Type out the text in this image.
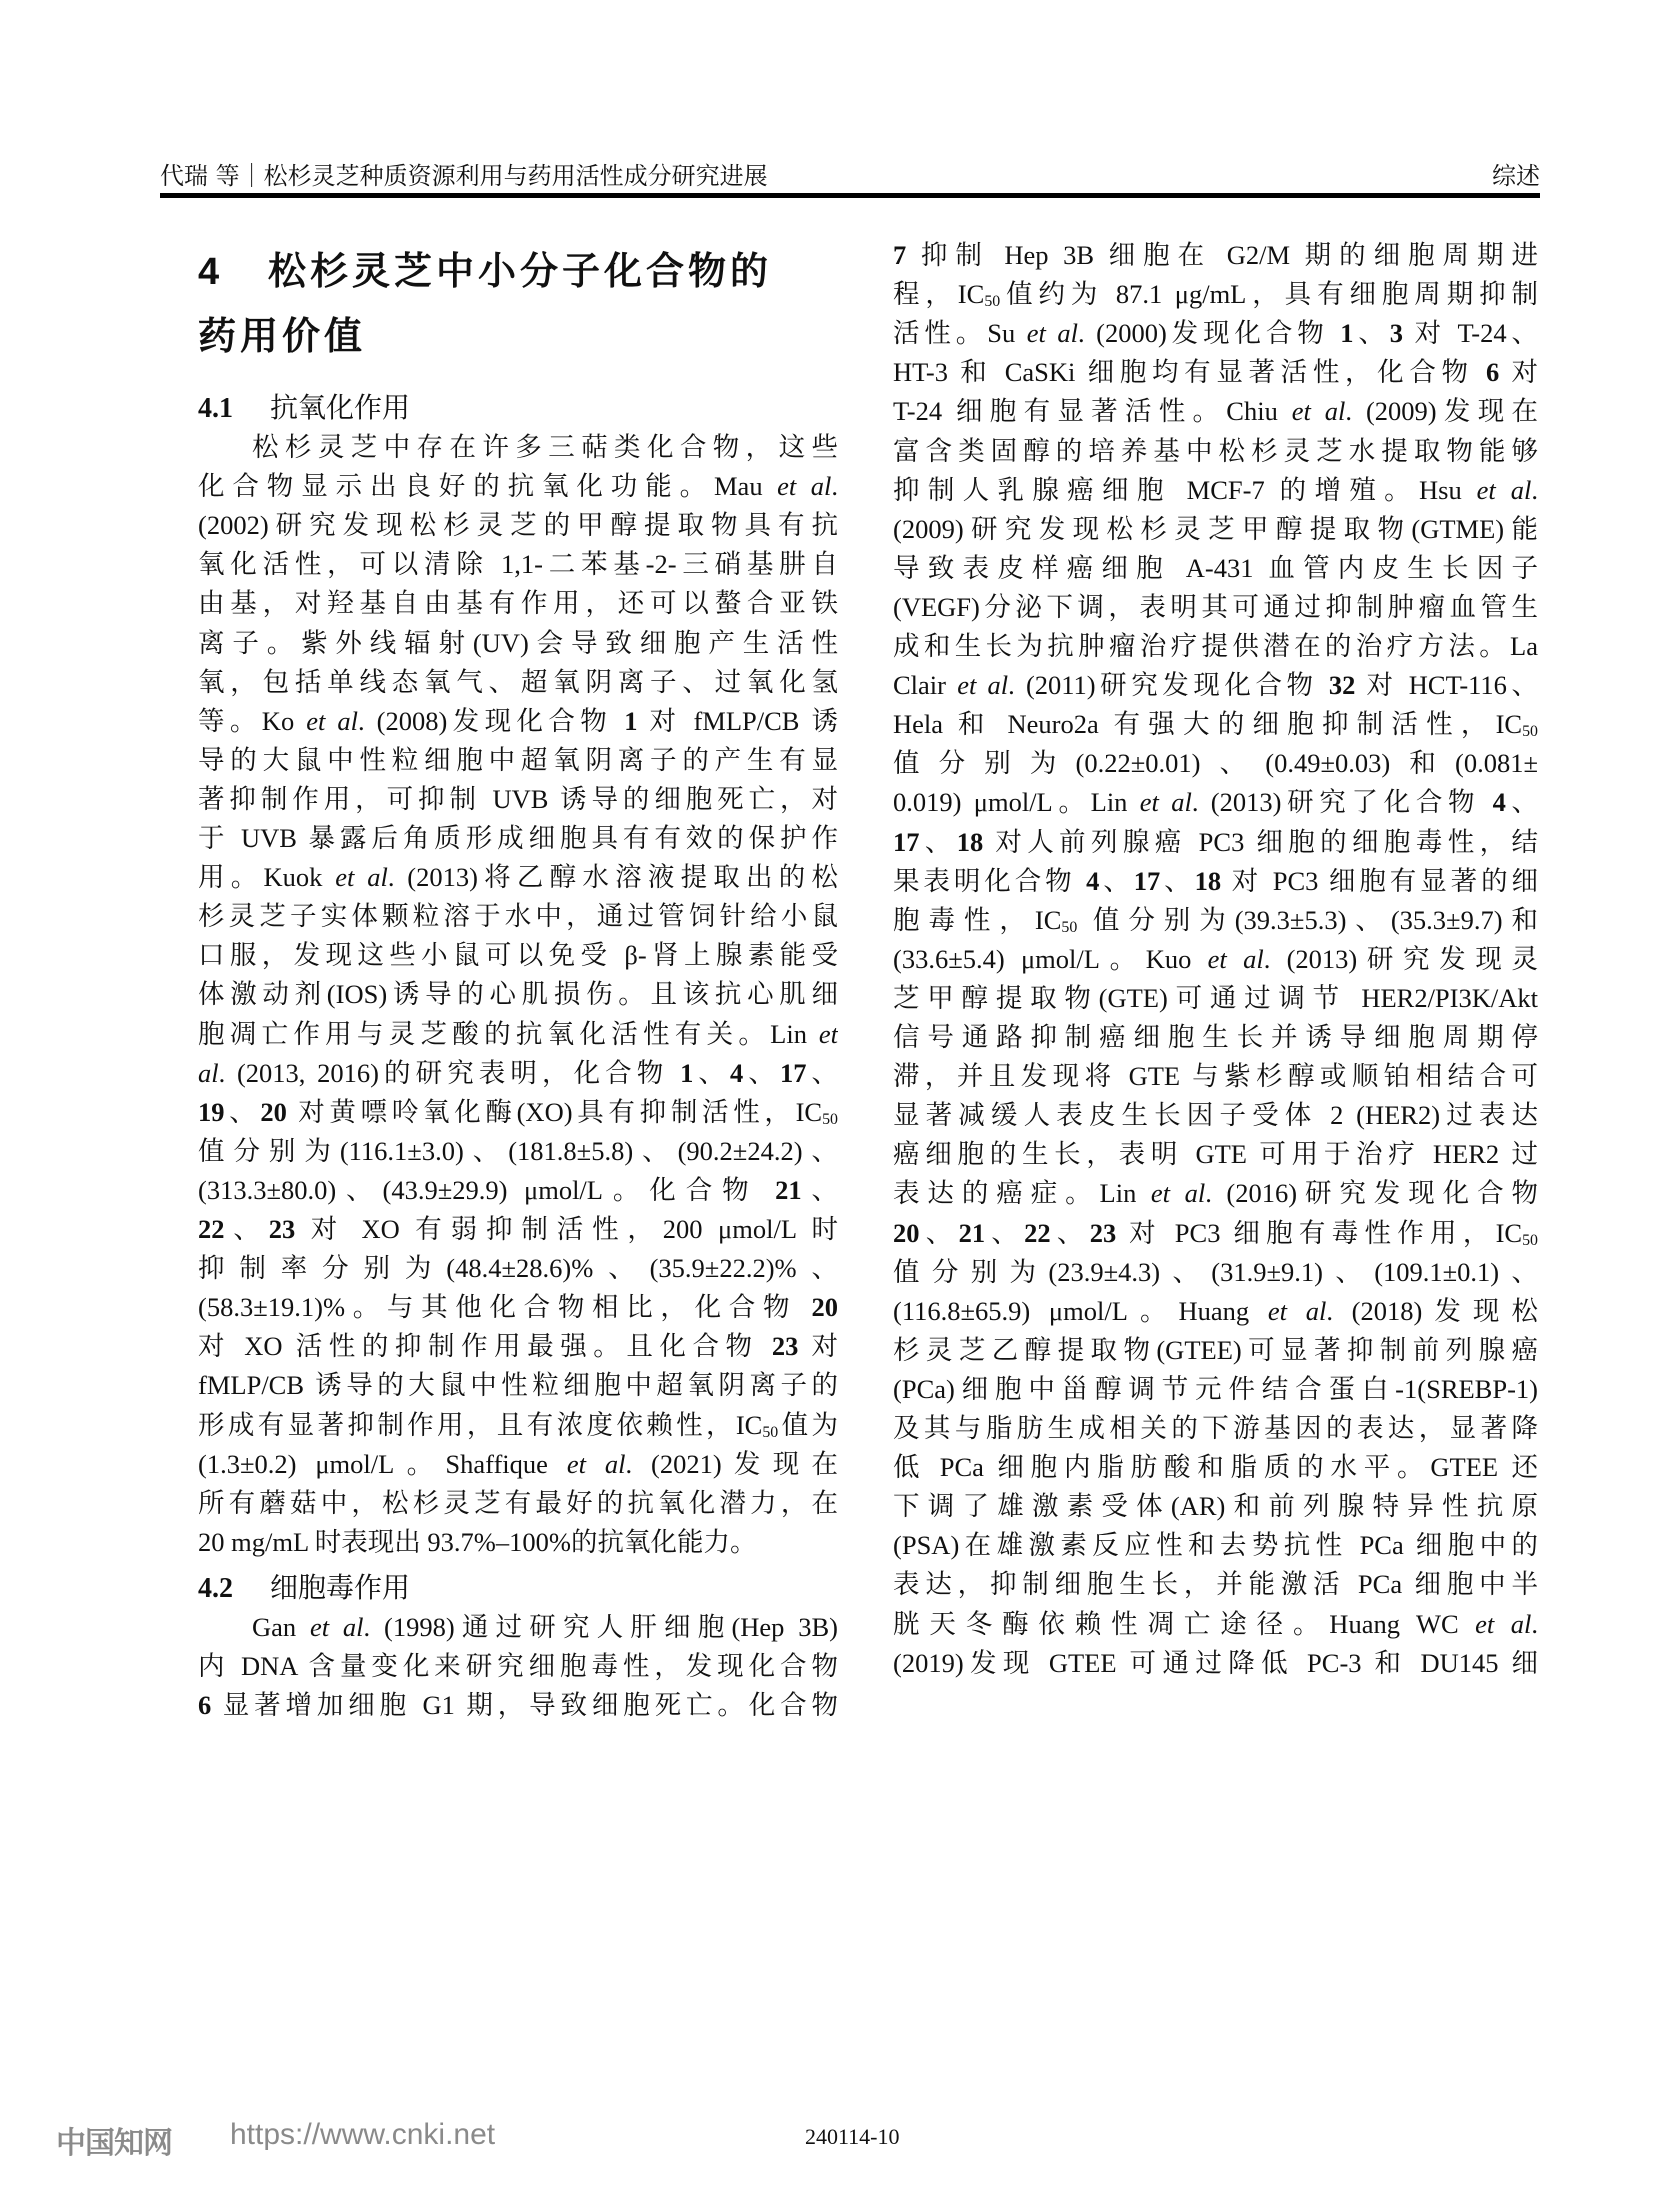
代瑞 等｜松杉灵芝种质资源利用与药用活性成分研究进展	综述
4 松杉灵芝中小分子化合物的
药用价值
4.1 抗氧化作用
松杉灵芝中存在许多三萜类化合物，这些
化合物显示出良好的抗氧化功能。Mau et al.
(2002)研究发现松杉灵芝的甲醇提取物具有抗
氧化活性，可以清除 1,1-二苯基-2-三硝基肼自
由基，对羟基自由基有作用，还可以螯合亚铁
离子。紫外线辐射(UV)会导致细胞产生活性
氧，包括单线态氧气、超氧阴离子、过氧化氢
等。Ko et al. (2008)发现化合物 1 对 fMLP/CB 诱
导的大鼠中性粒细胞中超氧阴离子的产生有显
著抑制作用，可抑制 UVB 诱导的细胞死亡，对
于 UVB 暴露后角质形成细胞具有有效的保护作
用。Kuok et al. (2013)将乙醇水溶液提取出的松
杉灵芝子实体颗粒溶于水中，通过管饲针给小鼠
口服，发现这些小鼠可以免受 β-肾上腺素能受
体激动剂(IOS)诱导的心肌损伤。且该抗心肌细
胞凋亡作用与灵芝酸的抗氧化活性有关。Lin et
al. (2013, 2016)的研究表明，化合物 1、4、17、
19、20 对黄嘌呤氧化酶(XO)具有抑制活性，$IC_{50}$
值分别为(116.1±3.0)、(181.8±5.8)、(90.2±24.2)、
(313.3±80.0)、(43.9±29.9) μmol/L。化合物 21、
22、23 对 XO 有弱抑制活性，200 μmol/L 时
抑制率分别为(48.4±28.6)%、(35.9±22.2)%、
(58.3±19.1)%。与其他化合物相比，化合物 20
对 XO 活性的抑制作用最强。且化合物 23 对
fMLP/CB 诱导的大鼠中性粒细胞中超氧阴离子的
形成有显著抑制作用，且有浓度依赖性，$IC_{50}$值为
(1.3±0.2) μmol/L。Shaffique et al. (2021)发现在
所有蘑菇中，松杉灵芝有最好的抗氧化潜力，在
20 mg/mL 时表现出 93.7%–100%的抗氧化能力。
4.2 细胞毒作用
Gan et al. (1998)通过研究人肝细胞(Hep 3B)
内 DNA 含量变化来研究细胞毒性，发现化合物
6 显著增加细胞 G1 期，导致细胞死亡。化合物
7 抑制 Hep 3B 细胞在 G2/M 期的细胞周期进
程，$IC_{50}$值约为 87.1 μg/mL，具有细胞周期抑制
活性。Su et al. (2000)发现化合物 1、3 对 T-24、
HT-3 和 CaSKi 细胞均有显著活性，化合物 6 对
T-24 细胞有显著活性。Chiu et al. (2009)发现在
富含类固醇的培养基中松杉灵芝水提取物能够
抑制人乳腺癌细胞 MCF-7 的增殖。Hsu et al.
(2009)研究发现松杉灵芝甲醇提取物(GTME)能
导致表皮样癌细胞 A-431 血管内皮生长因子
(VEGF)分泌下调，表明其可通过抑制肿瘤血管生
成和生长为抗肿瘤治疗提供潜在的治疗方法。La
Clair et al. (2011)研究发现化合物 32 对 HCT-116、
Hela 和 Neuro2a 有强大的细胞抑制活性，$IC_{50}$
值分别为(0.22±0.01)、(0.49±0.03)和(0.081±
0.019) μmol/L。Lin et al. (2013)研究了化合物 4、
17、18 对人前列腺癌 PC3 细胞的细胞毒性，结
果表明化合物 4、17、18 对 PC3 细胞有显著的细
胞毒性，$IC_{50}$ 值分别为(39.3±5.3)、(35.3±9.7)和
(33.6±5.4) μmol/L。Kuo et al. (2013)研究发现灵
芝甲醇提取物(GTE)可通过调节 HER2/PI3K/Akt
信号通路抑制癌细胞生长并诱导细胞周期停
滞，并且发现将 GTE 与紫杉醇或顺铂相结合可
显著减缓人表皮生长因子受体 2 (HER2)过表达
癌细胞的生长，表明 GTE 可用于治疗 HER2 过
表达的癌症。Lin et al. (2016)研究发现化合物
20、21、22、23 对 PC3 细胞有毒性作用，$IC_{50}$
值分别为(23.9±4.3)、(31.9±9.1)、(109.1±0.1)、
(116.8±65.9) μmol/L。Huang et al. (2018)发现松
杉灵芝乙醇提取物(GTEE)可显著抑制前列腺癌
(PCa)细胞中甾醇调节元件结合蛋白-1(SREBP-1)
及其与脂肪生成相关的下游基因的表达，显著降
低 PCa 细胞内脂肪酸和脂质的水平。GTEE 还
下调了雄激素受体(AR)和前列腺特异性抗原
(PSA)在雄激素反应性和去势抗性 PCa 细胞中的
表达，抑制细胞生长，并能激活 PCa 细胞中半
胱天冬酶依赖性凋亡途径。Huang WC et al.
(2019)发现 GTEE 可通过降低 PC-3 和 DU145 细
中国知网 https://www.cnki.net	240114-10
